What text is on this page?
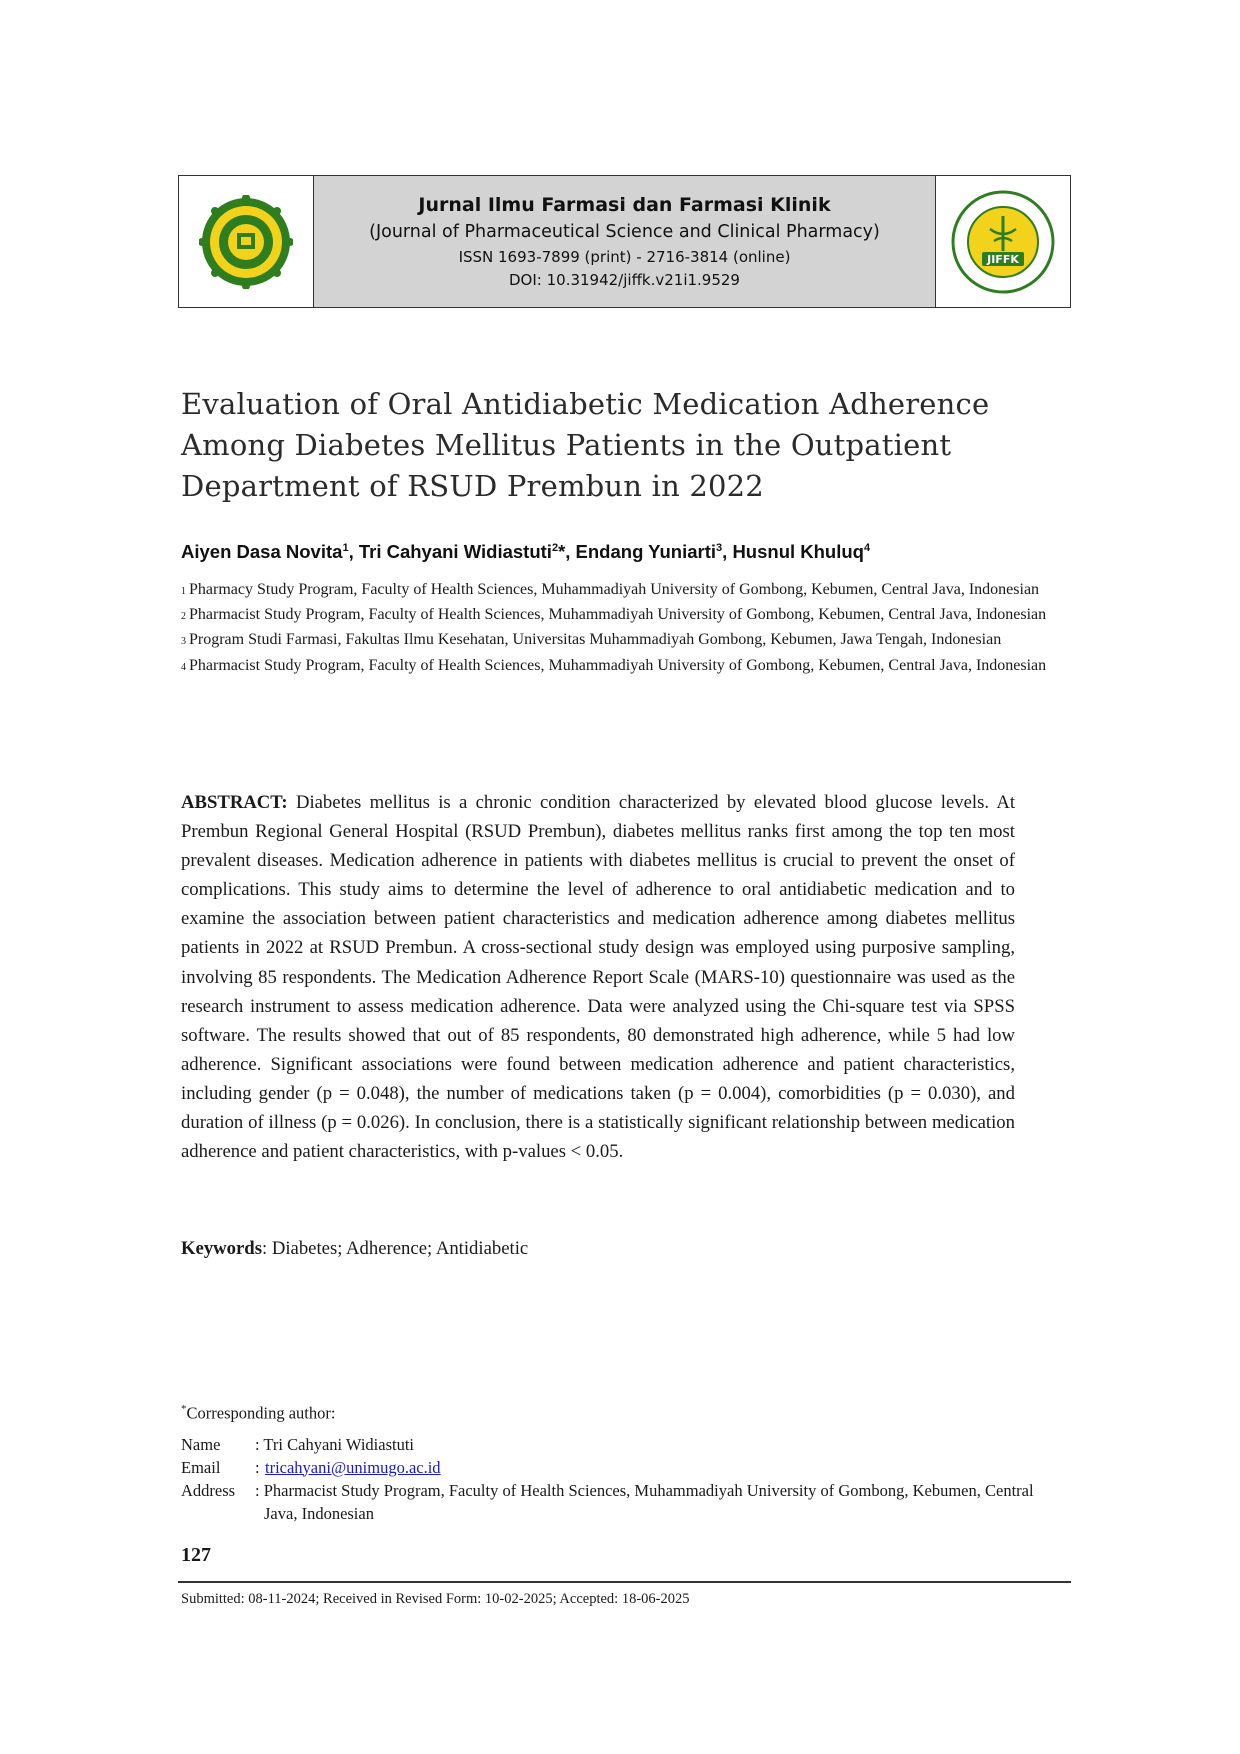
Jurnal Ilmu Farmasi dan Farmasi Klinik
(Journal of Pharmaceutical Science and Clinical Pharmacy)
ISSN 1693-7899 (print) - 2716-3814 (online)
DOI: 10.31942/jiffk.v21i1.9529
JIFFK
Evaluation of Oral Antidiabetic Medication Adherence Among Diabetes Mellitus Patients in the Outpatient Department of RSUD Prembun in 2022
Aiyen Dasa Novita$^1$, Tri Cahyani Widiastuti$^2$*, Endang Yuniarti$^3$, Husnul Khuluq$^4$
1 Pharmacy Study Program, Faculty of Health Sciences, Muhammadiyah University of Gombong, Kebumen, Central Java, Indonesian
2 Pharmacist Study Program, Faculty of Health Sciences, Muhammadiyah University of Gombong, Kebumen, Central Java, Indonesian
3 Program Studi Farmasi, Fakultas Ilmu Kesehatan, Universitas Muhammadiyah Gombong, Kebumen, Jawa Tengah, Indonesian
4 Pharmacist Study Program, Faculty of Health Sciences, Muhammadiyah University of Gombong, Kebumen, Central Java, Indonesian

ABSTRACT: Diabetes mellitus is a chronic condition characterized by elevated blood glucose levels. At Prembun Regional General Hospital (RSUD Prembun), diabetes mellitus ranks first among the top ten most prevalent diseases. Medication adherence in patients with diabetes mellitus is crucial to prevent the onset of complications. This study aims to determine the level of adherence to oral antidiabetic medication and to examine the association between patient characteristics and medication adherence among diabetes mellitus patients in 2022 at RSUD Prembun. A cross-sectional study design was employed using purposive sampling, involving 85 respondents. The Medication Adherence Report Scale (MARS-10) questionnaire was used as the research instrument to assess medication adherence. Data were analyzed using the Chi-square test via SPSS software. The results showed that out of 85 respondents, 80 demonstrated high adherence, while 5 had low adherence. Significant associations were found between medication adherence and patient characteristics, including gender (p = 0.048), the number of medications taken (p = 0.004), comorbidities (p = 0.030), and duration of illness (p = 0.026). In conclusion, there is a statistically significant relationship between medication adherence and patient characteristics, with p-values < 0.05.

Keywords: Diabetes; Adherence; Antidiabetic

*Corresponding author:
Name	: Tri Cahyani Widiastuti
Email	: tricahyani@unimugo.ac.id
Address	: Pharmacist Study Program, Faculty of Health Sciences, Muhammadiyah University of Gombong, Kebumen, Central Java, Indonesian
127
Submitted: 08-11-2024; Received in Revised Form: 10-02-2025; Accepted: 18-06-2025
